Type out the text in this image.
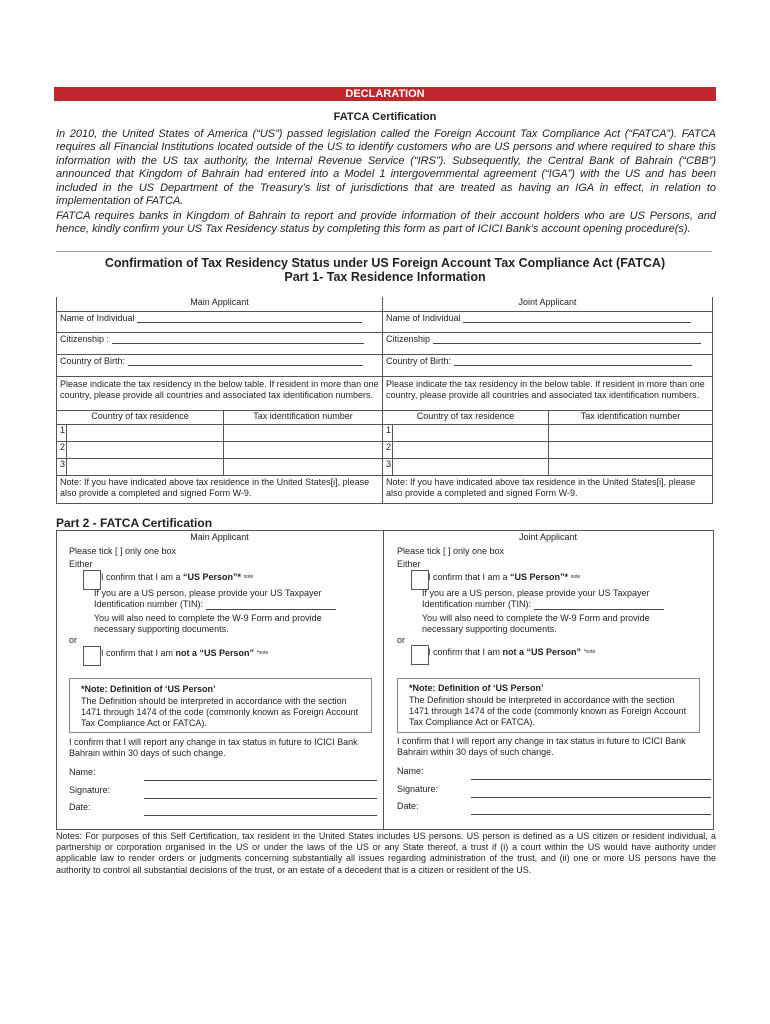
DECLARATION
FATCA Certification
In 2010, the United States of America (“US”) passed legislation called the Foreign Account Tax Compliance Act (“FATCA”). FATCA requires all Financial Institutions located outside of the US to identify customers who are US persons and where required to share this information with the US tax authority, the Internal Revenue Service (“IRS”). Subsequently, the Central Bank of Bahrain (“CBB”) announced that Kingdom of Bahrain had entered into a Model 1 intergovernmental agreement (“IGA”) with the US and has been included in the US Department of the Treasury’s list of jurisdictions that are treated as having an IGA in effect, in relation to implementation of FATCA.
FATCA requires banks in Kingdom of Bahrain to report and provide information of their account holders who are US Persons, and hence, kindly confirm your US Tax Residency status by completing this form as part of ICICI Bank’s account opening procedure(s).
Confirmation of Tax Residency Status under US Foreign Account Tax Compliance Act (FATCA)
Part 1- Tax Residence Information
Main Applicant			Joint Applicant		
Name of Individual			Name of Individual		
Citizenship :			Citizenship		
Country of Birth:			Country of Birth:		
Please indicate the tax residency in the below table. If resident in more than one country, please provide all countries and associated tax identification numbers.			Please indicate the tax residency in the below table. If resident in more than one country, please provide all countries and associated tax identification numbers.		
Country of tax residence		Tax identification number	Country of tax residence		Tax identification number
1			1		
2			2		
3			3		
Note: If you have indicated above tax residence in the United States[i], please also provide a completed and signed Form W-9.			Note: If you have indicated above tax residence in the United States[i], please also provide a completed and signed Form W-9.		
Part 2 - FATCA Certification
Main Applicant
Please tick [ ] only one box
Either
I confirm that I am a “US Person”* $^{note}$
If you are a US person, please provide your US Taxpayer Identification number (TIN):
You will also need to complete the W-9 Form and provide necessary supporting documents.
or
I confirm that I am not a “US Person” $^{*note}$
*Note: Definition of ‘US Person’
The Definition should be interpreted in accordance with the section 1471 through 1474 of the code (commonly known as Foreign Account Tax Compliance Act or FATCA).
I confirm that I will report any change in tax status in future to ICICI Bank Bahrain within 30 days of such change.
Name:
Signature:
Date:
Joint Applicant
Please tick [ ] only one box
Either
I confirm that I am a “US Person”* $^{note}$
If you are a US person, please provide your US Taxpayer Identification number (TIN):
You will also need to complete the W-9 Form and provide necessary supporting documents.
or
I confirm that I am not a “US Person” $^{*note}$
*Note: Definition of ‘US Person’
The Definition should be interpreted in accordance with the section 1471 through 1474 of the code (commonly known as Foreign Account Tax Compliance Act or FATCA).
I confirm that I will report any change in tax status in future to ICICI Bank Bahrain within 30 days of such change.
Name:
Signature:
Date:
Notes: For purposes of this Self Certification, tax resident in the United States includes US persons. US person is defined as a US citizen or resident individual, a partnership or corporation organised in the US or under the laws of the US or any State thereof, a trust if (i) a court within the US would have authority under applicable law to render orders or judgments concerning substantially all issues regarding administration of the trust, and (ii) one or more US persons have the authority to control all substantial decisions of the trust, or an estate of a decedent that is a citizen or resident of the US.
